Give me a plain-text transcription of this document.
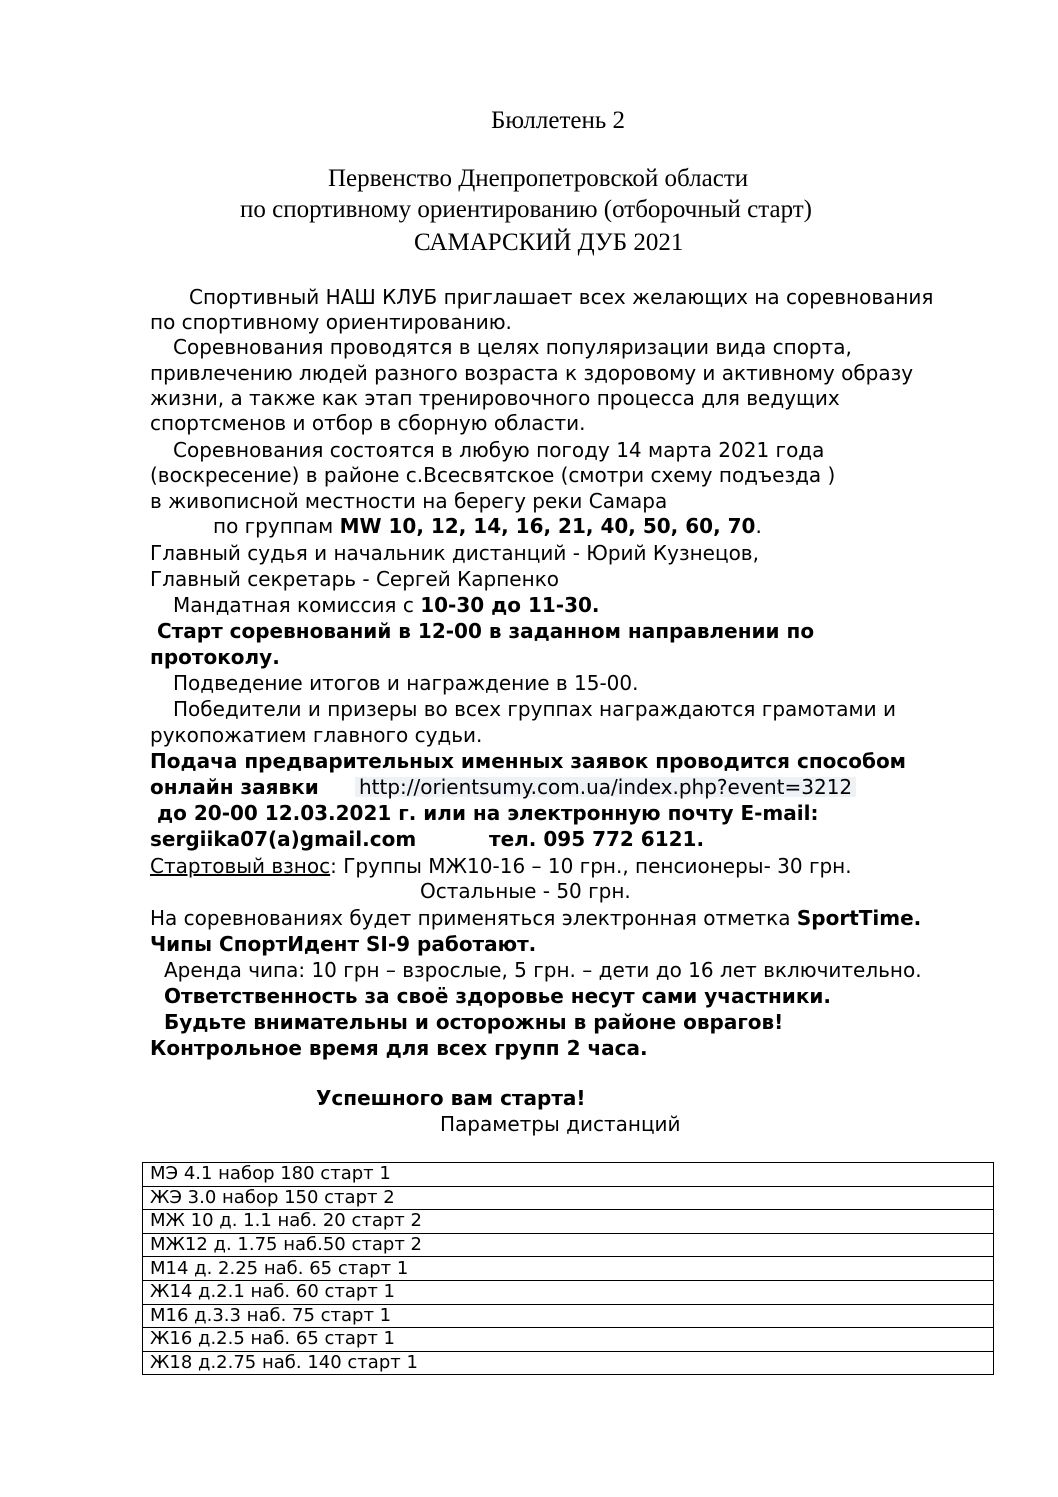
Бюллетень 2
Первенство Днепропетровской области
по спортивному ориентированию (отборочный старт)
САМАРСКИЙ ДУБ 2021
Спортивный НАШ КЛУБ приглашает всех желающих на соревнования
по спортивному ориентированию.
Соревнования проводятся в целях популяризации вида спорта,
привлечению людей разного возраста к здоровому и активному образу
жизни, а также как этап тренировочного процесса для ведущих
спортсменов и отбор в сборную области.
Соревнования состоятся в любую погоду 14 марта 2021 года
(воскресение) в районе с.Всесвятское (смотри схему подъезда )
в живописной местности на берегу реки Самара
по группам MW 10, 12, 14, 16, 21, 40, 50, 60, 70.
Главный судья и начальник дистанций - Юрий Кузнецов,
Главный секретарь - Сергей Карпенко
Мандатная комиссия с 10-30 до 11-30.
Старт соревнований в 12-00 в заданном направлении по
протоколу.
Подведение итогов и награждение в 15-00.
Победители и призеры во всех группах награждаются грамотами и
рукопожатием главного судьи.
Подача предварительных именных заявок проводится способом
онлайн заявки http://orientsumy.com.ua/index.php?event=3212
до 20-00 12.03.2021 г. или на электронную почту E-mail:
sergiika07(a)gmail.com	тел. 095 772 6121.
Стартовый взнос: Группы МЖ10-16 – 10 грн., пенсионеры- 30 грн.
Остальные - 50 грн.
На соревнованиях будет применяться электронная отметка SportTime.
Чипы СпортИдент SI-9 работают.
Аренда чипа: 10 грн – взрослые, 5 грн. – дети до 16 лет включительно.
Ответственность за своё здоровье несут сами участники.
Будьте внимательны и осторожны в районе оврагов!
Контрольное время для всех групп 2 часа.
Успешного вам старта!
Параметры дистанций
МЭ 4.1 набор 180 старт 1
ЖЭ 3.0 набор 150 старт 2
МЖ 10 д. 1.1 наб. 20 старт 2
МЖ12 д. 1.75 наб.50 старт 2
М14 д. 2.25 наб. 65 старт 1
Ж14 д.2.1 наб. 60 старт 1
М16 д.3.3 наб. 75 старт 1
Ж16 д.2.5 наб. 65 старт 1
Ж18 д.2.75 наб. 140 старт 1
